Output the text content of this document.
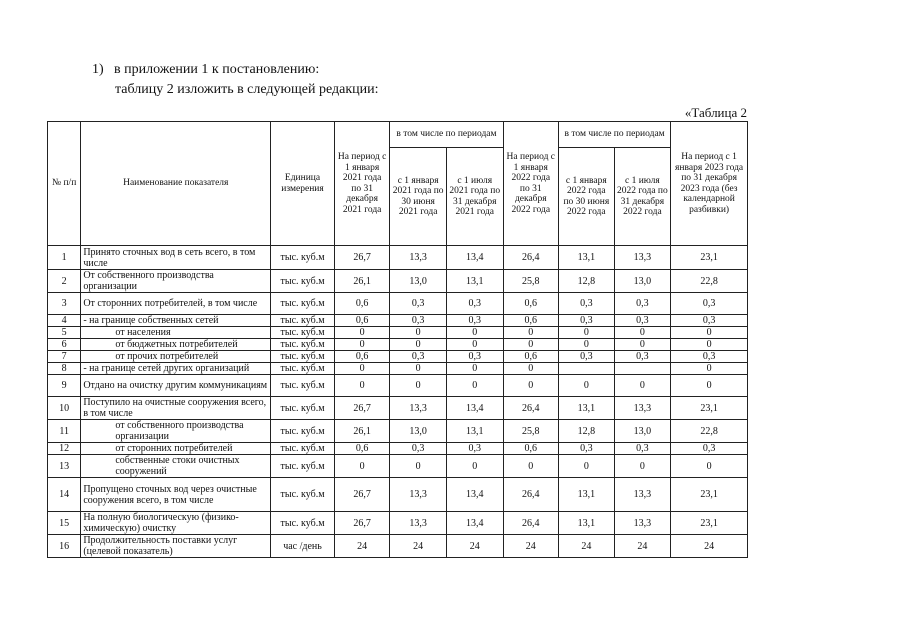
1) в приложении 1 к постановлению:
таблицу 2 изложить в следующей редакции:
«Таблица 2
№ п/п	Наименование показателя	Единица измерения	На период с 1 января 2021 года по 31 декабря 2021 года	в том числе по периодам		На период с 1 января 2022 года по 31 декабря 2022 года	в том числе по периодам		На период с 1 января 2023 года по 31 декабря 2023 года (без календарной разбивки)
				с 1 января 2021 года по 30 июня 2021 года	с 1 июля 2021 года по 31 декабря 2021 года		с 1 января 2022 года по 30 июня 2022 года	с 1 июля 2022 года по 31 декабря 2022 года	
1	Принято сточных вод в сеть всего, в том числе	тыс. куб.м	26,7	13,3	13,4	26,4	13,1	13,3	23,1
2	От собственного производства организации	тыс. куб.м	26,1	13,0	13,1	25,8	12,8	13,0	22,8
3	От сторонних потребителей, в том числе	тыс. куб.м	0,6	0,3	0,3	0,6	0,3	0,3	0,3
4	- на границе собственных сетей	тыс. куб.м	0,6	0,3	0,3	0,6	0,3	0,3	0,3
5	от населения	тыс. куб.м	0	0	0	0	0	0	0
6	от бюджетных потребителей	тыс. куб.м	0	0	0	0	0	0	0
7	от прочих потребителей	тыс. куб.м	0,6	0,3	0,3	0,6	0,3	0,3	0,3
8	- на границе сетей других организаций	тыс. куб.м	0	0	0	0			0
9	Отдано на очистку другим коммуникациям	тыс. куб.м	0	0	0	0	0	0	0
10	Поступило на очистные сооружения всего, в том числе	тыс. куб.м	26,7	13,3	13,4	26,4	13,1	13,3	23,1
11	от собственного производства организации	тыс. куб.м	26,1	13,0	13,1	25,8	12,8	13,0	22,8
12	от сторонних потребителей	тыс. куб.м	0,6	0,3	0,3	0,6	0,3	0,3	0,3
13	собственные стоки очистных сооружений	тыс. куб.м	0	0	0	0	0	0	0
14	Пропущено сточных вод через очистные сооружения всего, в том числе	тыс. куб.м	26,7	13,3	13,4	26,4	13,1	13,3	23,1
15	На полную биологическую (физико-химическую) очистку	тыс. куб.м	26,7	13,3	13,4	26,4	13,1	13,3	23,1
16	Продолжительность поставки услуг (целевой показатель)	час /день	24	24	24	24	24	24	24
